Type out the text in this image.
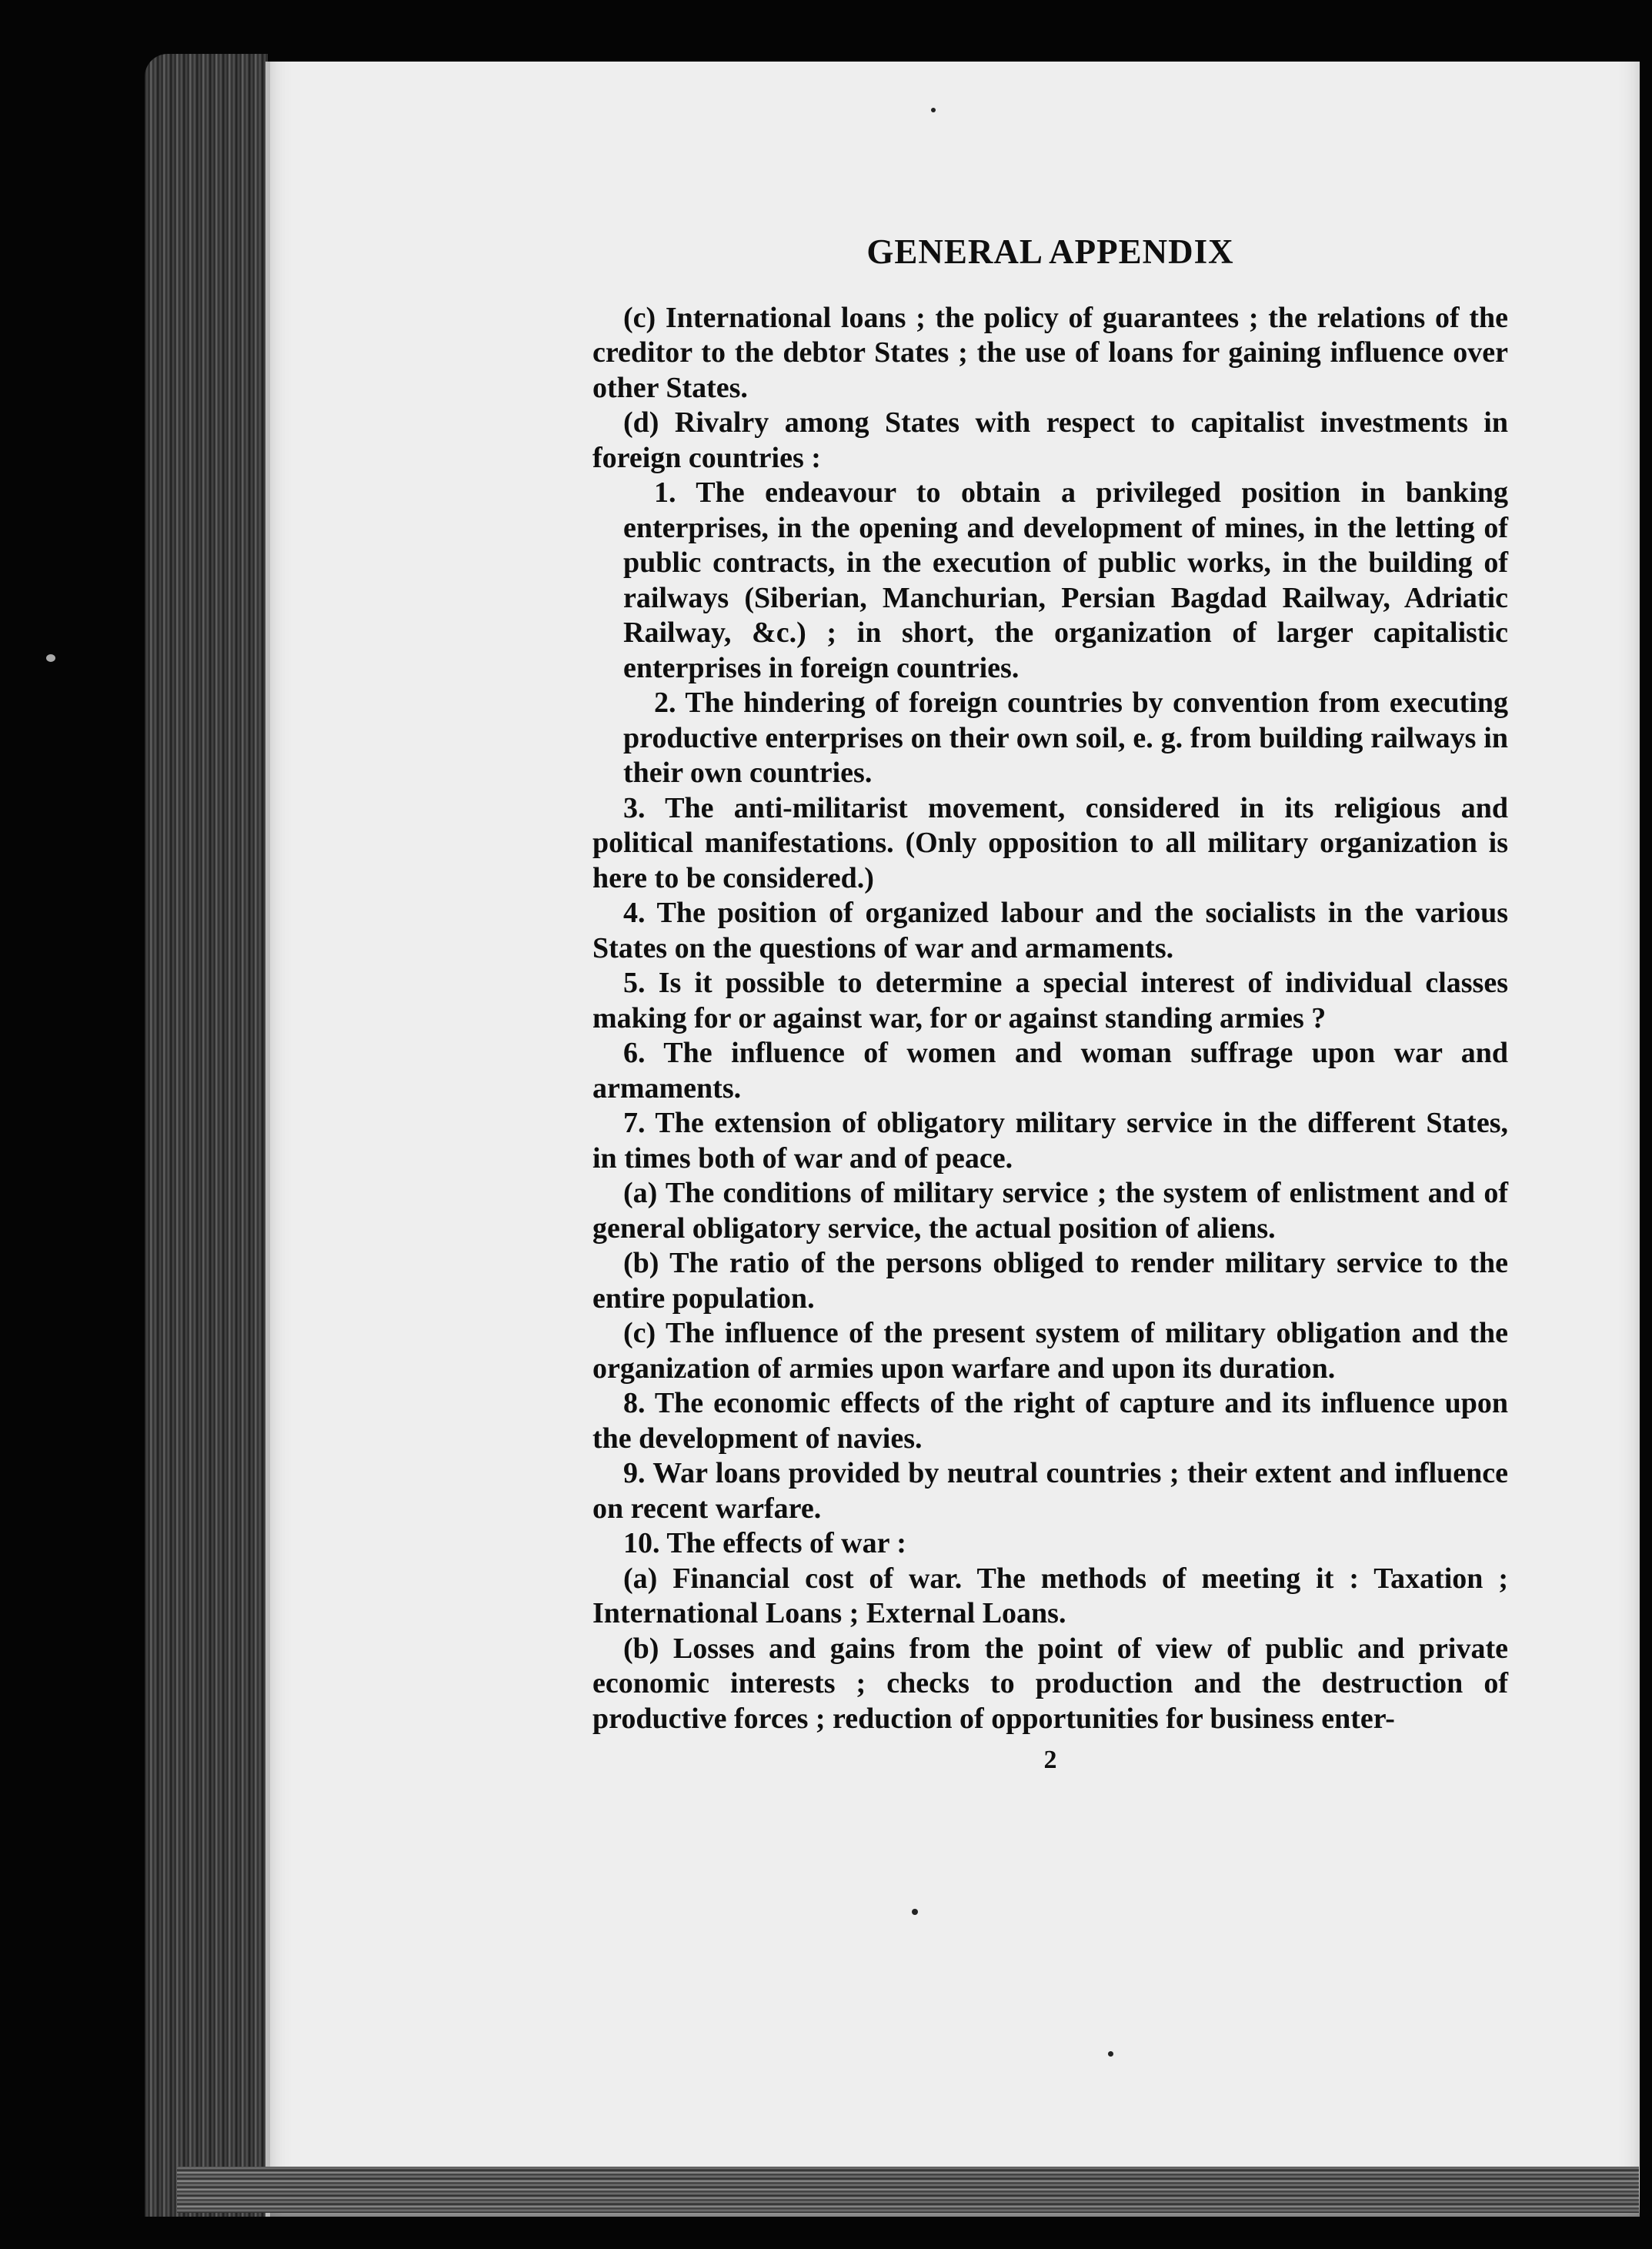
GENERAL APPENDIX
(c) International loans ; the policy of guarantees ; the relations of the creditor to the debtor States ; the use of loans for gaining influence over other States.
(d) Rivalry among States with respect to capitalist investments in foreign countries :
1. The endeavour to obtain a privileged position in banking enterprises, in the opening and development of mines, in the letting of public contracts, in the execution of public works, in the building of railways (Siberian, Manchurian, Persian Bagdad Railway, Adriatic Railway, &c.) ; in short, the organization of larger capitalistic enterprises in foreign countries.
2. The hindering of foreign countries by convention from executing productive enterprises on their own soil, e. g. from building railways in their own countries.
3. The anti-militarist movement, considered in its religious and political manifestations. (Only opposition to all military organization is here to be considered.)
4. The position of organized labour and the socialists in the various States on the questions of war and armaments.
5. Is it possible to determine a special interest of individual classes making for or against war, for or against standing armies ?
6. The influence of women and woman suffrage upon war and armaments.
7. The extension of obligatory military service in the different States, in times both of war and of peace.
(a) The conditions of military service ; the system of enlistment and of general obligatory service, the actual position of aliens.
(b) The ratio of the persons obliged to render military service to the entire population.
(c) The influence of the present system of military obligation and the organization of armies upon warfare and upon its duration.
8. The economic effects of the right of capture and its influence upon the development of navies.
9. War loans provided by neutral countries ; their extent and influence on recent warfare.
10. The effects of war :
(a) Financial cost of war. The methods of meeting it : Taxation ; International Loans ; External Loans.
(b) Losses and gains from the point of view of public and private economic interests ; checks to production and the destruction of productive forces ; reduction of opportunities for business enter-
2
